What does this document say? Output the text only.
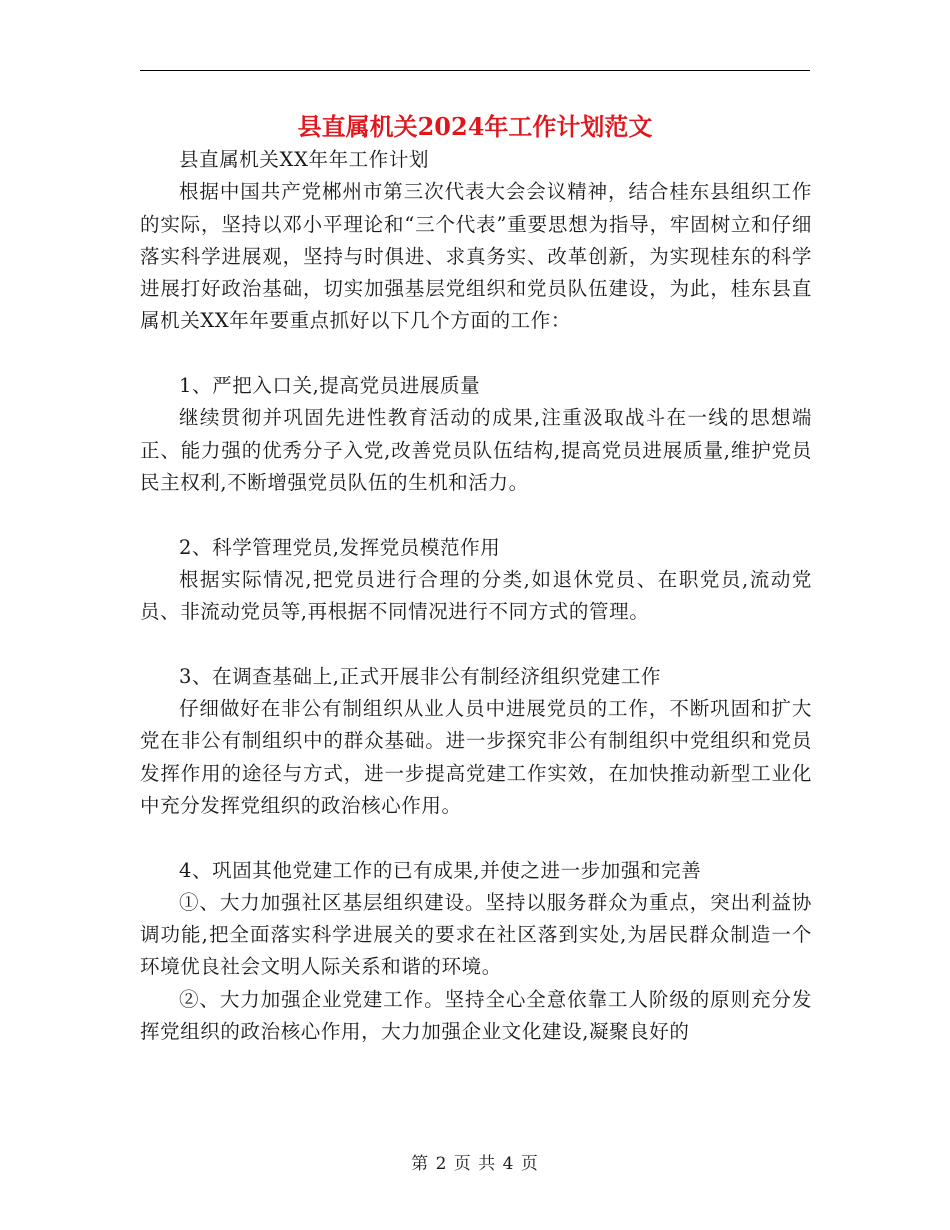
县直属机关2024年工作计划范文

县直属机关XX年年工作计划

根据中国共产党郴州市第三次代表大会会议精神，结合桂东县组织工作的实际，坚持以邓小平理论和“三个代表”重要思想为指导，牢固树立和仔细落实科学进展观，坚持与时俱进、求真务实、改革创新，为实现桂东的科学进展打好政治基础，切实加强基层党组织和党员队伍建设，为此，桂东县直属机关XX年年要重点抓好以下几个方面的工作：

1、严把入口关,提高党员进展质量

继续贯彻并巩固先进性教育活动的成果,注重汲取战斗在一线的思想端正、能力强的优秀分子入党,改善党员队伍结构,提高党员进展质量,维护党员民主权利,不断增强党员队伍的生机和活力。

2、科学管理党员,发挥党员模范作用

根据实际情况,把党员进行合理的分类,如退休党员、在职党员,流动党员、非流动党员等,再根据不同情况进行不同方式的管理。

3、在调查基础上,正式开展非公有制经济组织党建工作

仔细做好在非公有制组织从业人员中进展党员的工作，不断巩固和扩大党在非公有制组织中的群众基础。进一步探究非公有制组织中党组织和党员发挥作用的途径与方式，进一步提高党建工作实效，在加快推动新型工业化中充分发挥党组织的政治核心作用。

4、巩固其他党建工作的已有成果,并使之进一步加强和完善

①、大力加强社区基层组织建设。坚持以服务群众为重点，突出利益协调功能,把全面落实科学进展关的要求在社区落到实处,为居民群众制造一个环境优良社会文明人际关系和谐的环境。

②、大力加强企业党建工作。坚持全心全意依靠工人阶级的原则充分发挥党组织的政治核心作用，大力加强企业文化建设,凝聚良好的

第 2 页 共 4 页
